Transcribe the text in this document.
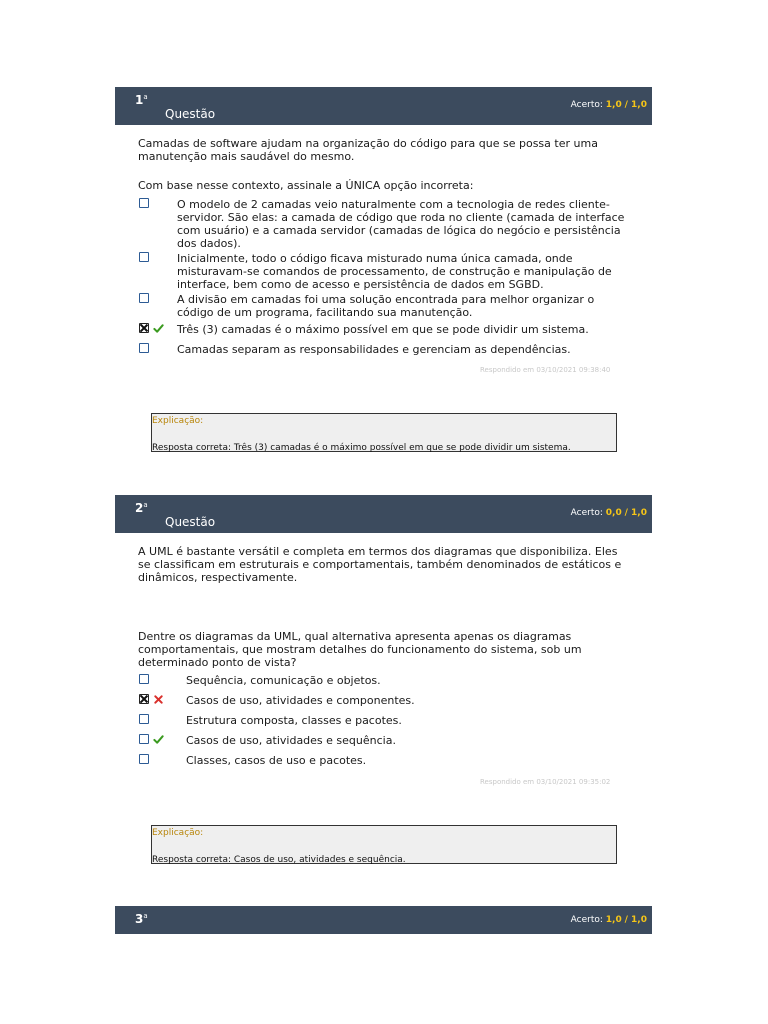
1$^a$
Questão
Acerto: 1,0 / 1,0
Camadas de software ajudam na organização do código para que se possa ter uma manutenção mais saudável do mesmo.
Com base nesse contexto, assinale a ÚNICA opção incorreta:
O modelo de 2 camadas veio naturalmente com a tecnologia de redes cliente-servidor. São elas: a camada de código que roda no cliente (camada de interface com usuário) e a camada servidor (camadas de lógica do negócio e persistência dos dados).
Inicialmente, todo o código ficava misturado numa única camada, onde misturavam-se comandos de processamento, de construção e manipulação de interface, bem como de acesso e persistência de dados em SGBD.
A divisão em camadas foi uma solução encontrada para melhor organizar o código de um programa, facilitando sua manutenção.
Três (3) camadas é o máximo possível em que se pode dividir um sistema.
Camadas separam as responsabilidades e gerenciam as dependências.
Respondido em 03/10/2021 09:38:40
Explicação:
Resposta correta: Três (3) camadas é o máximo possível em que se pode dividir um sistema.
2$^a$
Questão
Acerto: 0,0 / 1,0
A UML é bastante versátil e completa em termos dos diagramas que disponibiliza. Eles se classificam em estruturais e comportamentais, também denominados de estáticos e dinâmicos, respectivamente.
Dentre os diagramas da UML, qual alternativa apresenta apenas os diagramas comportamentais, que mostram detalhes do funcionamento do sistema, sob um determinado ponto de vista?
Sequência, comunicação e objetos.
Casos de uso, atividades e componentes.
Estrutura composta, classes e pacotes.
Casos de uso, atividades e sequência.
Classes, casos de uso e pacotes.
Respondido em 03/10/2021 09:35:02
Explicação:
Resposta correta: Casos de uso, atividades e sequência.
3$^a$	Acerto: 1,0 / 1,0
